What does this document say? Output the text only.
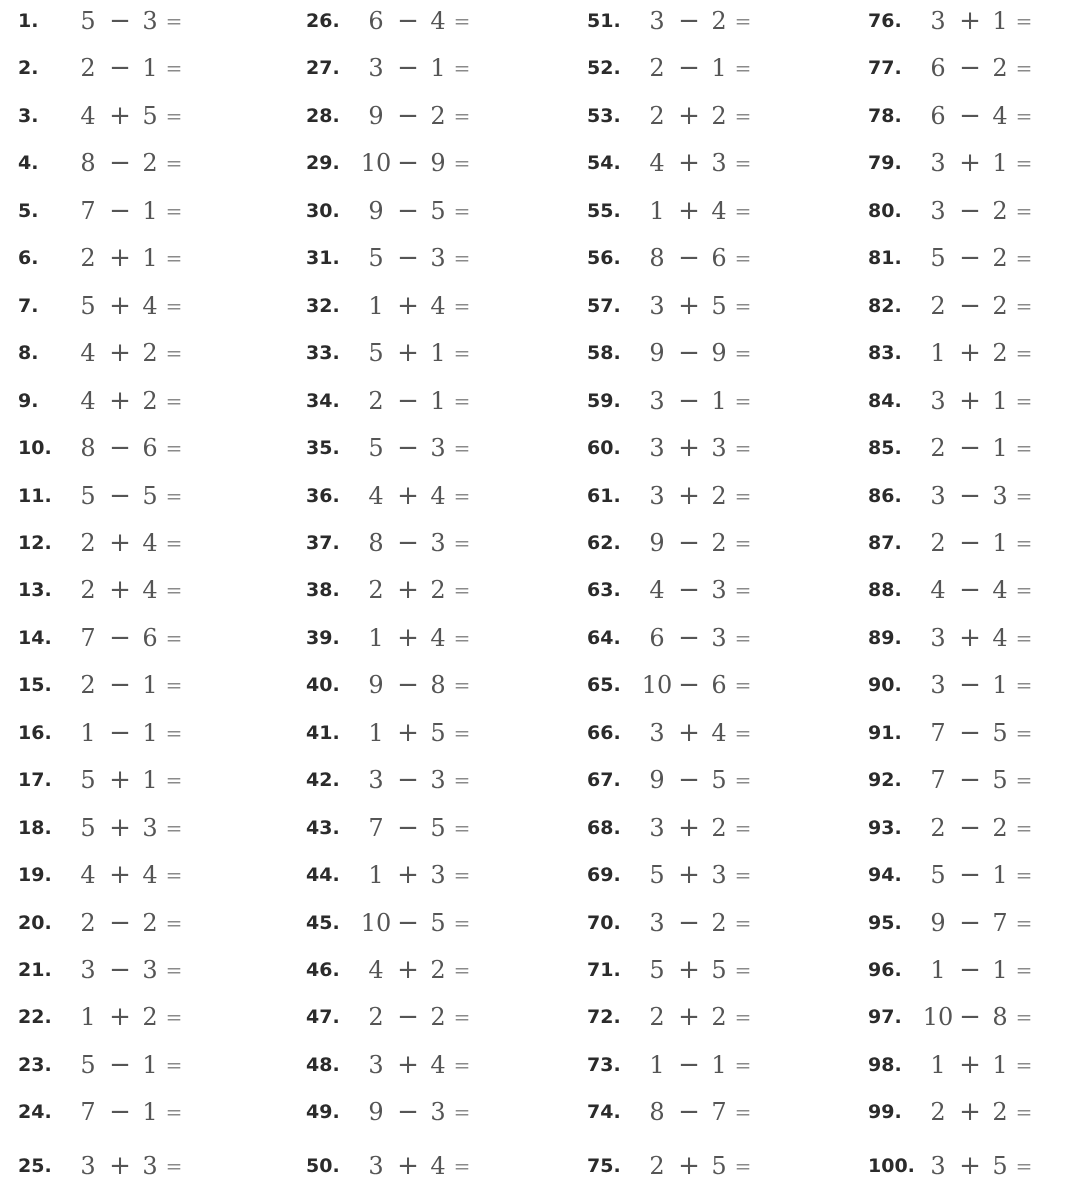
1.	5 − 3 =
2.	2 − 1 =
3.	4 + 5 =
4.	8 − 2 =
5.	7 − 1 =
6.	2 + 1 =
7.	5 + 4 =
8.	4 + 2 =
9.	4 + 2 =
10.	8 − 6 =
11.	5 − 5 =
12.	2 + 4 =
13.	2 + 4 =
14.	7 − 6 =
15.	2 − 1 =
16.	1 − 1 =
17.	5 + 1 =
18.	5 + 3 =
19.	4 + 4 =
20.	2 − 2 =
21.	3 − 3 =
22.	1 + 2 =
23.	5 − 1 =
24.	7 − 1 =
25.	3 + 3 =
26.	6 − 4 =
27.	3 − 1 =
28.	9 − 2 =
29. 10 − 9 =
30.	9 − 5 =
31.	5 − 3 =
32.	1 + 4 =
33.	5 + 1 =
34.	2 − 1 =
35.	5 − 3 =
36.	4 + 4 =
37.	8 − 3 =
38.	2 + 2 =
39.	1 + 4 =
40.	9 − 8 =
41.	1 + 5 =
42.	3 − 3 =
43.	7 − 5 =
44.	1 + 3 =
45. 10 − 5 =
46.	4 + 2 =
47.	2 − 2 =
48.	3 + 4 =
49.	9 − 3 =
50.	3 + 4 =
51.	3 − 2 =
52.	2 − 1 =
53.	2 + 2 =
54.	4 + 3 =
55.	1 + 4 =
56.	8 − 6 =
57.	3 + 5 =
58.	9 − 9 =
59.	3 − 1 =
60.	3 + 3 =
61.	3 + 2 =
62.	9 − 2 =
63.	4 − 3 =
64.	6 − 3 =
65. 10 − 6 =
66.	3 + 4 =
67.	9 − 5 =
68.	3 + 2 =
69.	5 + 3 =
70.	3 − 2 =
71.	5 + 5 =
72.	2 + 2 =
73.	1 − 1 =
74.	8 − 7 =
75.	2 + 5 =
76.	3 + 1 =
77.	6 − 2 =
78.	6 − 4 =
79.	3 + 1 =
80.	3 − 2 =
81.	5 − 2 =
82.	2 − 2 =
83.	1 + 2 =
84.	3 + 1 =
85.	2 − 1 =
86.	3 − 3 =
87.	2 − 1 =
88.	4 − 4 =
89.	3 + 4 =
90.	3 − 1 =
91.	7 − 5 =
92.	7 − 5 =
93.	2 − 2 =
94.	5 − 1 =
95.	9 − 7 =
96.	1 − 1 =
97. 10 − 8 =
98.	1 + 1 =
99.	2 + 2 =
100. 3 + 5 =
